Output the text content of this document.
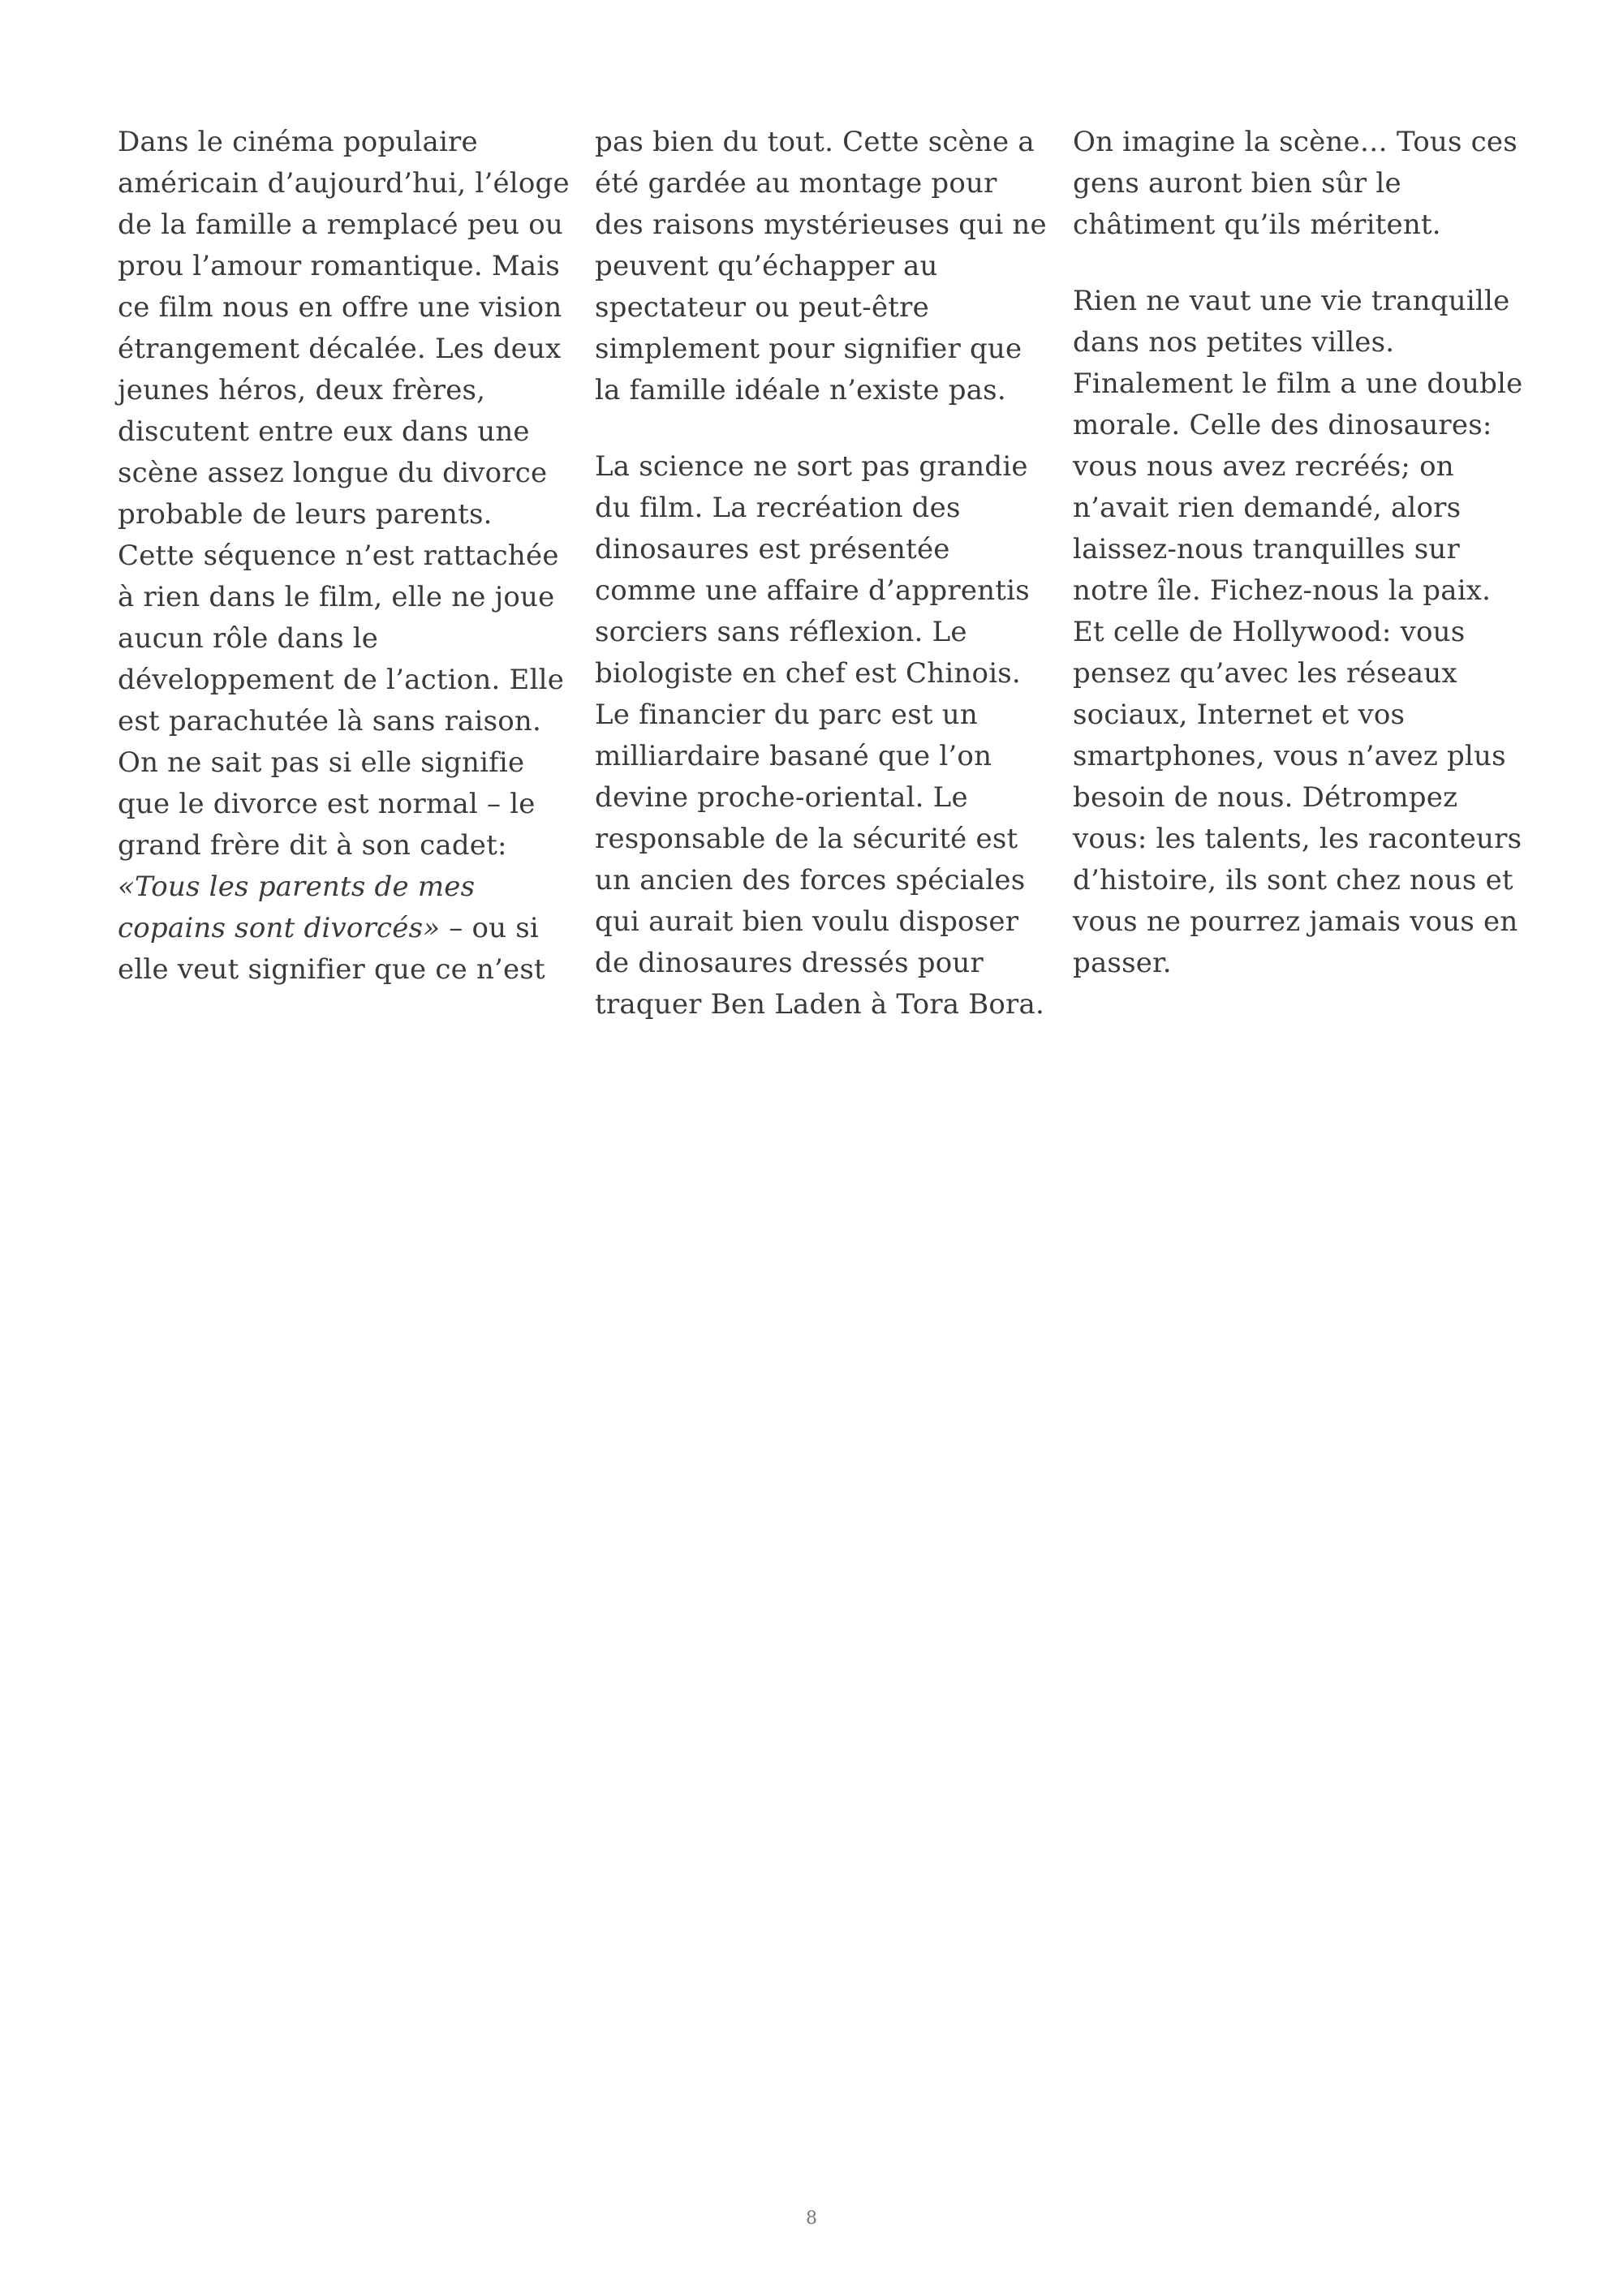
Dans le cinéma populaire américain d’aujourd’hui, l’éloge de la famille a remplacé peu ou prou l’amour romantique. Mais ce film nous en offre une vision étrangement décalée. Les deux jeunes héros, deux frères, discutent entre eux dans une scène assez longue du divorce probable de leurs parents. Cette séquence n’est rattachée à rien dans le film, elle ne joue aucun rôle dans le développement de l’action. Elle est parachutée là sans raison. On ne sait pas si elle signifie que le divorce est normal – le grand frère dit à son cadet: «Tous les parents de mes copains sont divorcés» – ou si elle veut signifier que ce n’est

pas bien du tout. Cette scène a été gardée au montage pour des raisons mystérieuses qui ne peuvent qu’échapper au spectateur ou peut-être simplement pour signifier que la famille idéale n’existe pas.

La science ne sort pas grandie du film. La recréation des dinosaures est présentée comme une affaire d’apprentis sorciers sans réflexion. Le biologiste en chef est Chinois. Le financier du parc est un milliardaire basané que l’on devine proche-oriental. Le responsable de la sécurité est un ancien des forces spéciales qui aurait bien voulu disposer de dinosaures dressés pour traquer Ben Laden à Tora Bora.

On imagine la scène… Tous ces gens auront bien sûr le châtiment qu’ils méritent.

Rien ne vaut une vie tranquille dans nos petites villes. Finalement le film a une double morale. Celle des dinosaures: vous nous avez recréés; on n’avait rien demandé, alors laissez-nous tranquilles sur notre île. Fichez-nous la paix. Et celle de Hollywood: vous pensez qu’avec les réseaux sociaux, Internet et vos smartphones, vous n’avez plus besoin de nous. Détrompez vous: les talents, les raconteurs d’histoire, ils sont chez nous et vous ne pourrez jamais vous en passer.

8
